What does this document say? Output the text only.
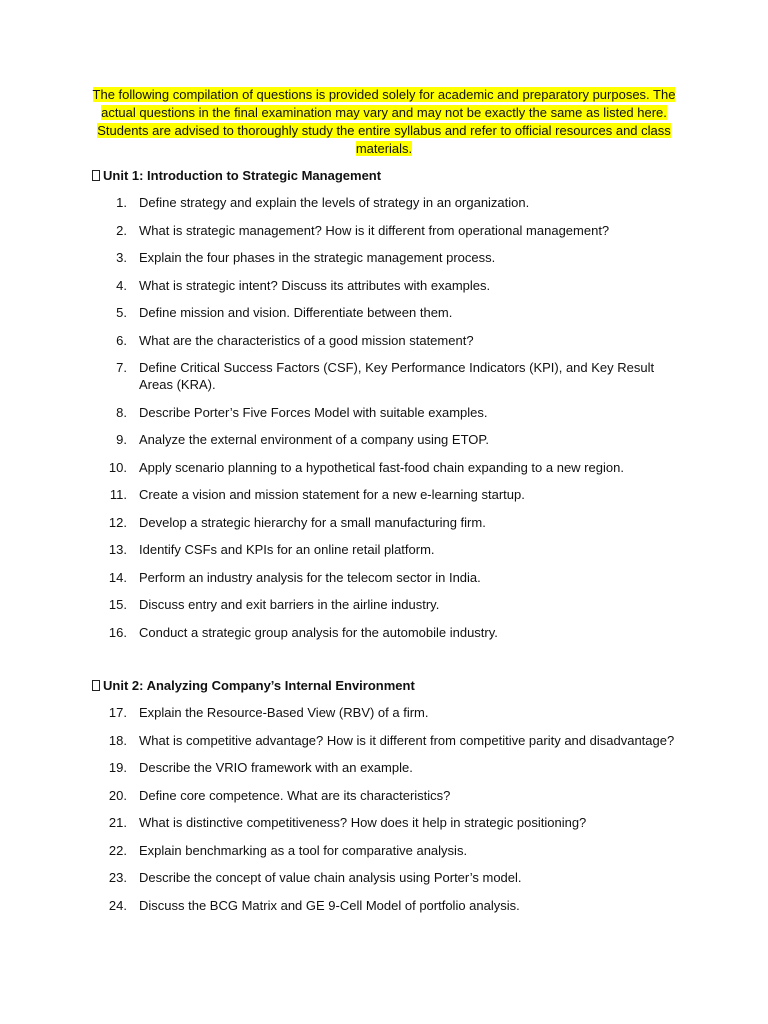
The following compilation of questions is provided solely for academic and preparatory purposes. The actual questions in the final examination may vary and may not be exactly the same as listed here. Students are advised to thoroughly study the entire syllabus and refer to official resources and class materials.
Unit 1: Introduction to Strategic Management
1. Define strategy and explain the levels of strategy in an organization.
2. What is strategic management? How is it different from operational management?
3. Explain the four phases in the strategic management process.
4. What is strategic intent? Discuss its attributes with examples.
5. Define mission and vision. Differentiate between them.
6. What are the characteristics of a good mission statement?
7. Define Critical Success Factors (CSF), Key Performance Indicators (KPI), and Key Result Areas (KRA).
8. Describe Porter’s Five Forces Model with suitable examples.
9. Analyze the external environment of a company using ETOP.
10. Apply scenario planning to a hypothetical fast-food chain expanding to a new region.
11. Create a vision and mission statement for a new e-learning startup.
12. Develop a strategic hierarchy for a small manufacturing firm.
13. Identify CSFs and KPIs for an online retail platform.
14. Perform an industry analysis for the telecom sector in India.
15. Discuss entry and exit barriers in the airline industry.
16. Conduct a strategic group analysis for the automobile industry.
Unit 2: Analyzing Company’s Internal Environment
17. Explain the Resource-Based View (RBV) of a firm.
18. What is competitive advantage? How is it different from competitive parity and disadvantage?
19. Describe the VRIO framework with an example.
20. Define core competence. What are its characteristics?
21. What is distinctive competitiveness? How does it help in strategic positioning?
22. Explain benchmarking as a tool for comparative analysis.
23. Describe the concept of value chain analysis using Porter’s model.
24. Discuss the BCG Matrix and GE 9-Cell Model of portfolio analysis.
